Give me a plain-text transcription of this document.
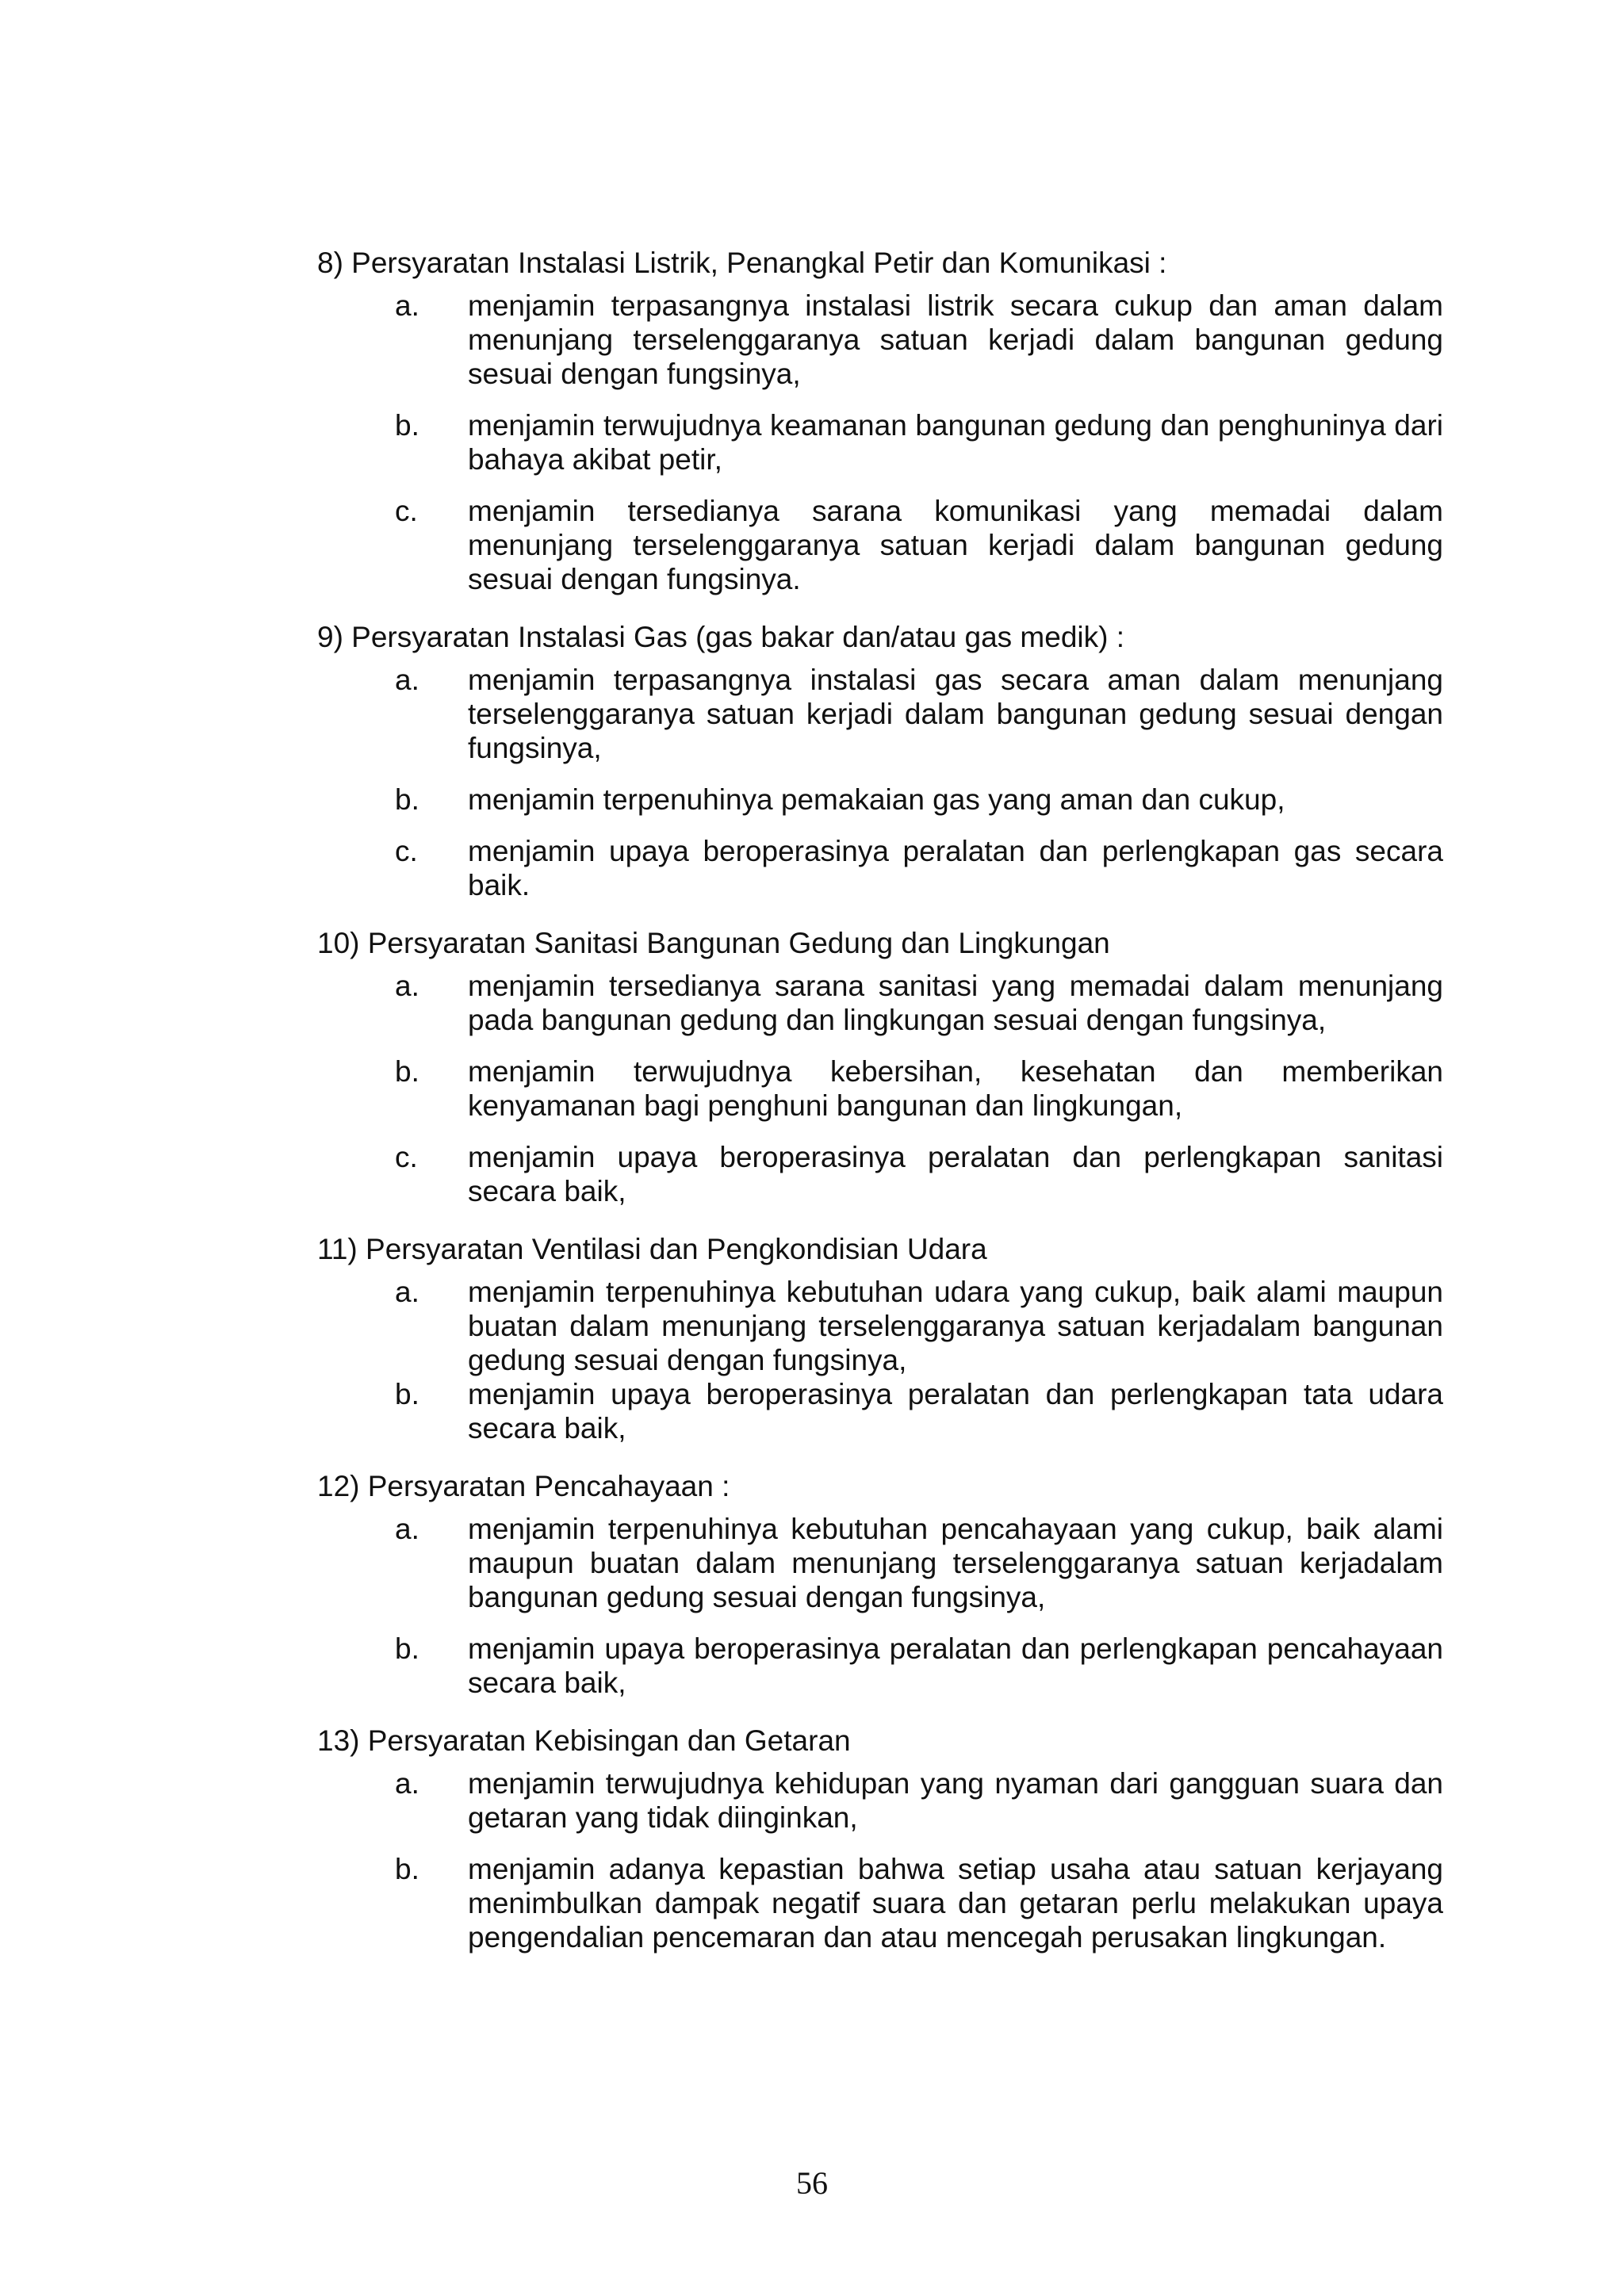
8) Persyaratan Instalasi Listrik, Penangkal Petir dan Komunikasi :
a.	menjamin terpasangnya instalasi listrik secara cukup dan aman dalam menunjang terselenggaranya satuan kerjadi dalam bangunan gedung sesuai dengan fungsinya,
b.	menjamin terwujudnya keamanan bangunan gedung dan penghuninya dari bahaya akibat petir,
c.	menjamin tersedianya sarana komunikasi yang memadai dalam menunjang terselenggaranya satuan kerjadi dalam bangunan gedung sesuai dengan fungsinya.
9) Persyaratan Instalasi Gas (gas bakar dan/atau gas medik) :
a.	menjamin terpasangnya instalasi gas secara aman dalam menunjang terselenggaranya satuan kerjadi dalam bangunan gedung sesuai dengan fungsinya,
b.	menjamin terpenuhinya pemakaian gas yang aman dan cukup,
c.	menjamin upaya beroperasinya peralatan dan perlengkapan gas secara baik.
10) Persyaratan Sanitasi Bangunan Gedung dan Lingkungan
a.	menjamin tersedianya sarana sanitasi yang memadai dalam menunjang pada bangunan gedung dan lingkungan sesuai dengan fungsinya,
b.	menjamin terwujudnya kebersihan, kesehatan dan memberikan kenyamanan bagi penghuni bangunan dan lingkungan,
c.	menjamin upaya beroperasinya peralatan dan perlengkapan sanitasi secara baik,
11) Persyaratan Ventilasi dan Pengkondisian Udara
a.	menjamin terpenuhinya kebutuhan udara yang cukup, baik alami maupun buatan dalam menunjang terselenggaranya satuan kerjadalam bangunan gedung sesuai dengan fungsinya,
b.	menjamin upaya beroperasinya peralatan dan perlengkapan tata udara secara baik,
12) Persyaratan Pencahayaan :
a.	menjamin terpenuhinya kebutuhan pencahayaan yang cukup, baik alami maupun buatan dalam menunjang terselenggaranya satuan kerjadalam bangunan gedung sesuai dengan fungsinya,
b.	menjamin upaya beroperasinya peralatan dan perlengkapan pencahayaan secara baik,
13) Persyaratan Kebisingan dan Getaran
a.	menjamin terwujudnya kehidupan yang nyaman dari gangguan suara dan getaran yang tidak diinginkan,
b.	menjamin adanya kepastian bahwa setiap usaha atau satuan kerjayang menimbulkan dampak negatif suara dan getaran perlu melakukan upaya pengendalian pencemaran dan atau mencegah perusakan lingkungan.
56
